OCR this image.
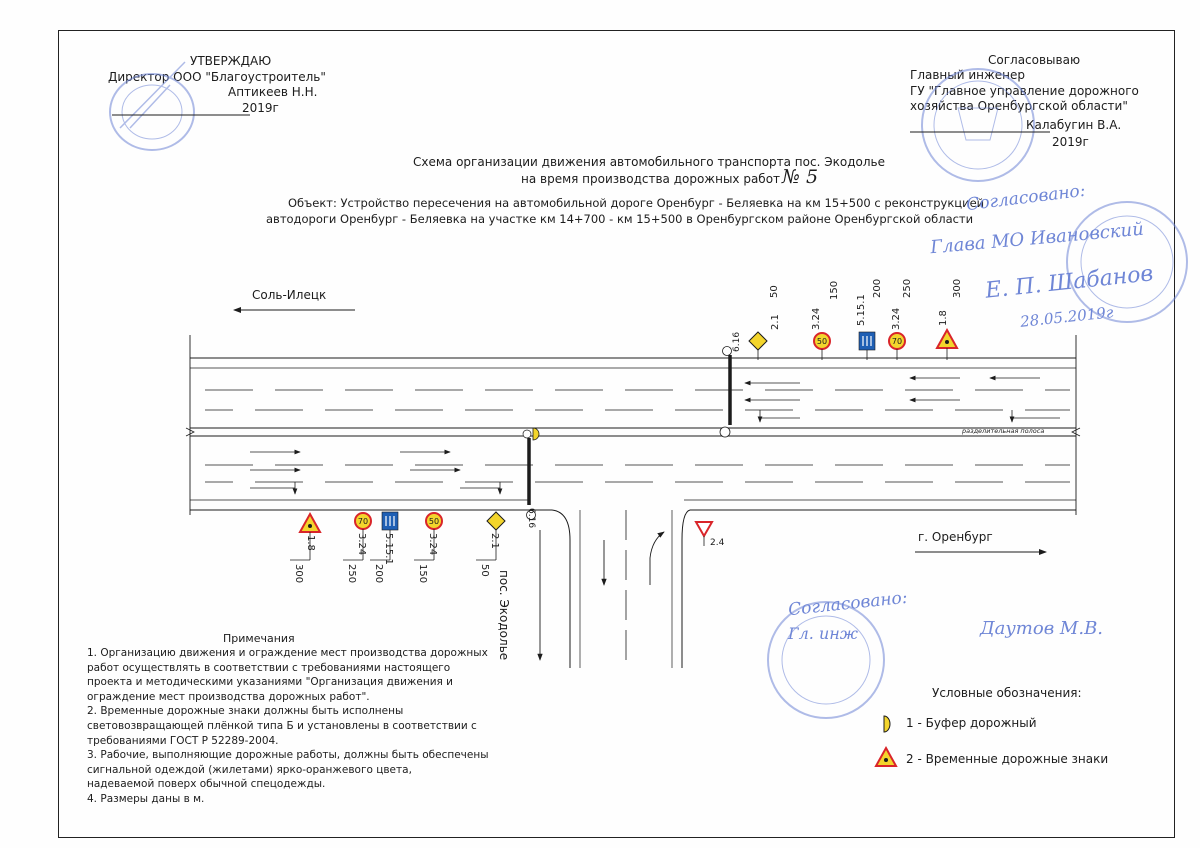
УТВЕРЖДАЮ
Директор ООО "Благоустроитель"
Аптикеев Н.Н.
2019г
Согласовываю
Главный инженер
ГУ "Главное управление дорожного
хозяйства Оренбургской области"
Калабугин В.А.
2019г
Схема организации движения автомобильного транспорта пос. Экодолье
на время производства дорожных работ № 5
Объект: Устройство пересечения на автомобильной дороге Оренбург - Беляевка на км 15+500 с реконструкцией
автодороги Оренбург - Беляевка на участке км 14+700 - км 15+500 в Оренбургском районе Оренбургской области
Согласовано:
Глава МО Ивановский
Е. П. Шабанов
28.05.2019г
Согласовано:
Гл. инж	Даутов М.В.
50	70
70	50
Соль-Илецк
г. Оренбург
пос. Экодолье
разделительная полоса
2.1
50
3.24
150
5.15.1
200
3.24
250
1.8
300
6.16
1.8
300
3.24
250
5.15.1
200
3.24
150
2.1
50
6.16
2.4
Примечания
1. Организацию движения и ограждение мест производства дорожных
работ осуществлять в соответствии с требованиями настоящего
проекта и методическими указаниями "Организация движения и
ограждение мест производства дорожных работ".
2. Временные дорожные знаки должны быть исполнены
световозвращающей плёнкой типа Б и установлены в соответствии с
требованиями ГОСТ Р 52289-2004.
3. Рабочие, выполняющие дорожные работы, должны быть обеспечены
сигнальной одеждой (жилетами) ярко-оранжевого цвета,
надеваемой поверх обычной спецодежды.
4. Размеры даны в м.
Условные обозначения:
1 - Буфер дорожный
2 - Временные дорожные знаки
